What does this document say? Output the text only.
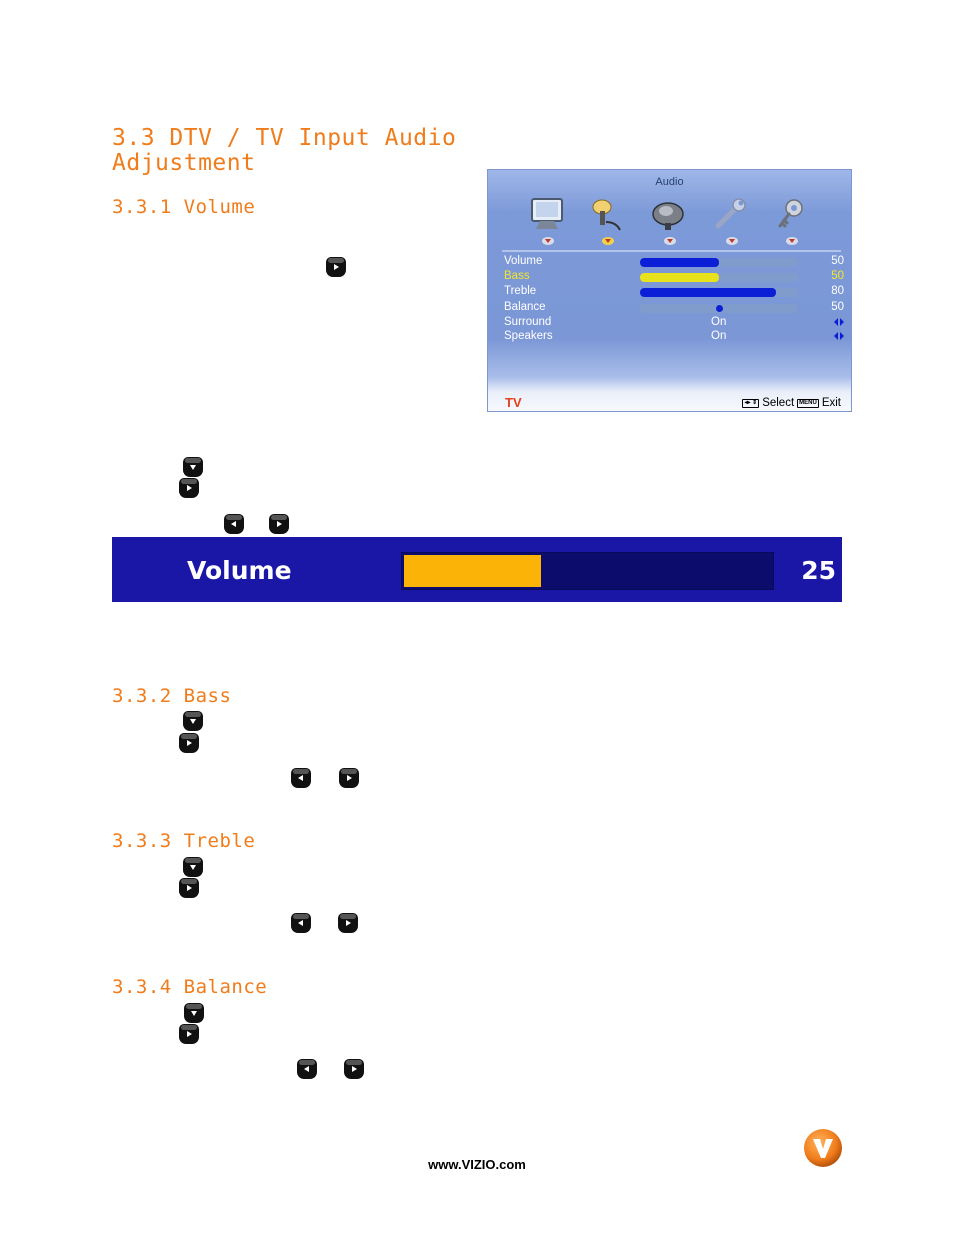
3.3 DTV / TV Input Audio
Adjustment
3.3.1 Volume
3.3.2 Bass
3.3.3 Treble
3.3.4 Balance
Audio
Volume	50
Bass	50
Treble	80
Balance	50
Surround	On
Speakers	On
TV	◂▸ ⇕ Select MENU Exit
Volume	25
www.VIZIO.com
